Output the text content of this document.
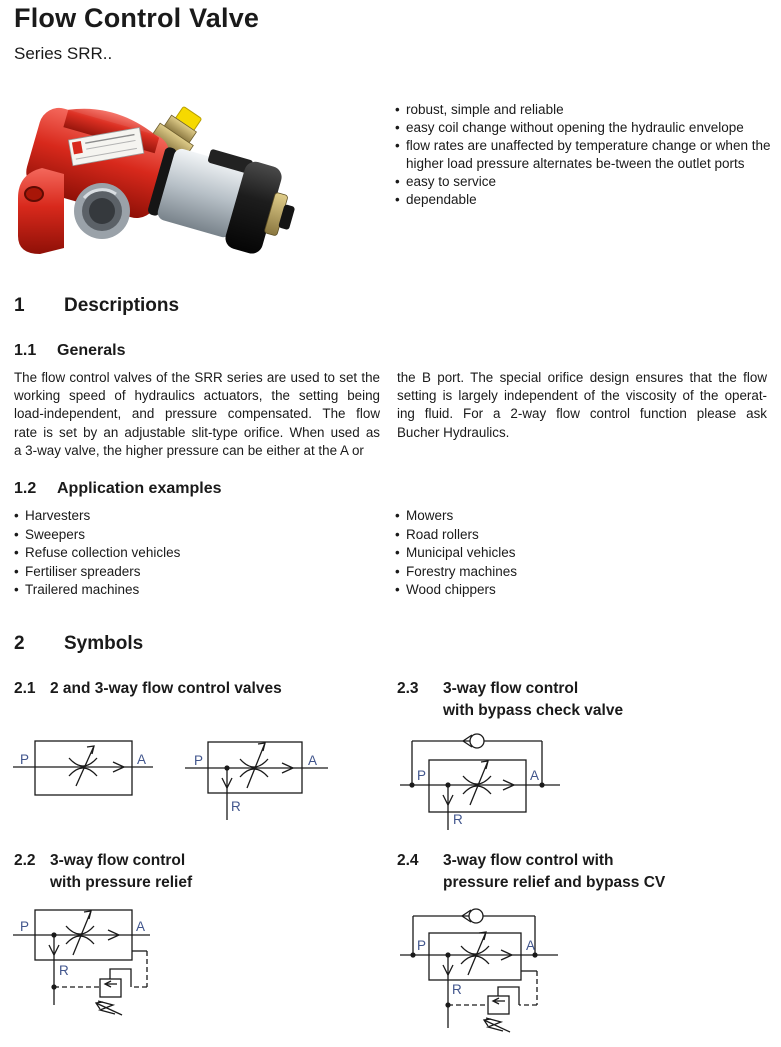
Flow Control Valve
Series SRR..
• robust, simple and reliable
• easy coil change without opening the hydraulic envelope
• flow rates are unaffected by temperature change or when the higher load pressure alternates be-tween the outlet ports
• easy to service
• dependable
1 Descriptions
1.1 Generals
The flow control valves of the SRR series are used to set the
working speed of hydraulics actuators, the setting being
load-independent, and pressure compensated. The flow
rate is set by an adjustable slit-type orifice. When used as
a 3-way valve, the higher pressure can be either at the A or
the B port. The special orifice design ensures that the flow
setting is largely independent of the viscosity of the operat-
ing fluid. For a 2-way flow control function please ask
Bucher Hydraulics.
1.2 Application examples
• Harvesters
• Sweepers
• Refuse collection vehicles
• Fertiliser spreaders
• Trailered machines
• Mowers
• Road rollers
• Municipal vehicles
• Forestry machines
• Wood chippers
2 Symbols
2.1 2 and 3-way flow control valves	2.3 3-way flow control
with bypass check valve
P	A	P	A
R
P	A
R
2.2 3-way flow control
with pressure relief
2.4 3-way flow control with
pressure relief and bypass CV
P	A
R
P	A
R
